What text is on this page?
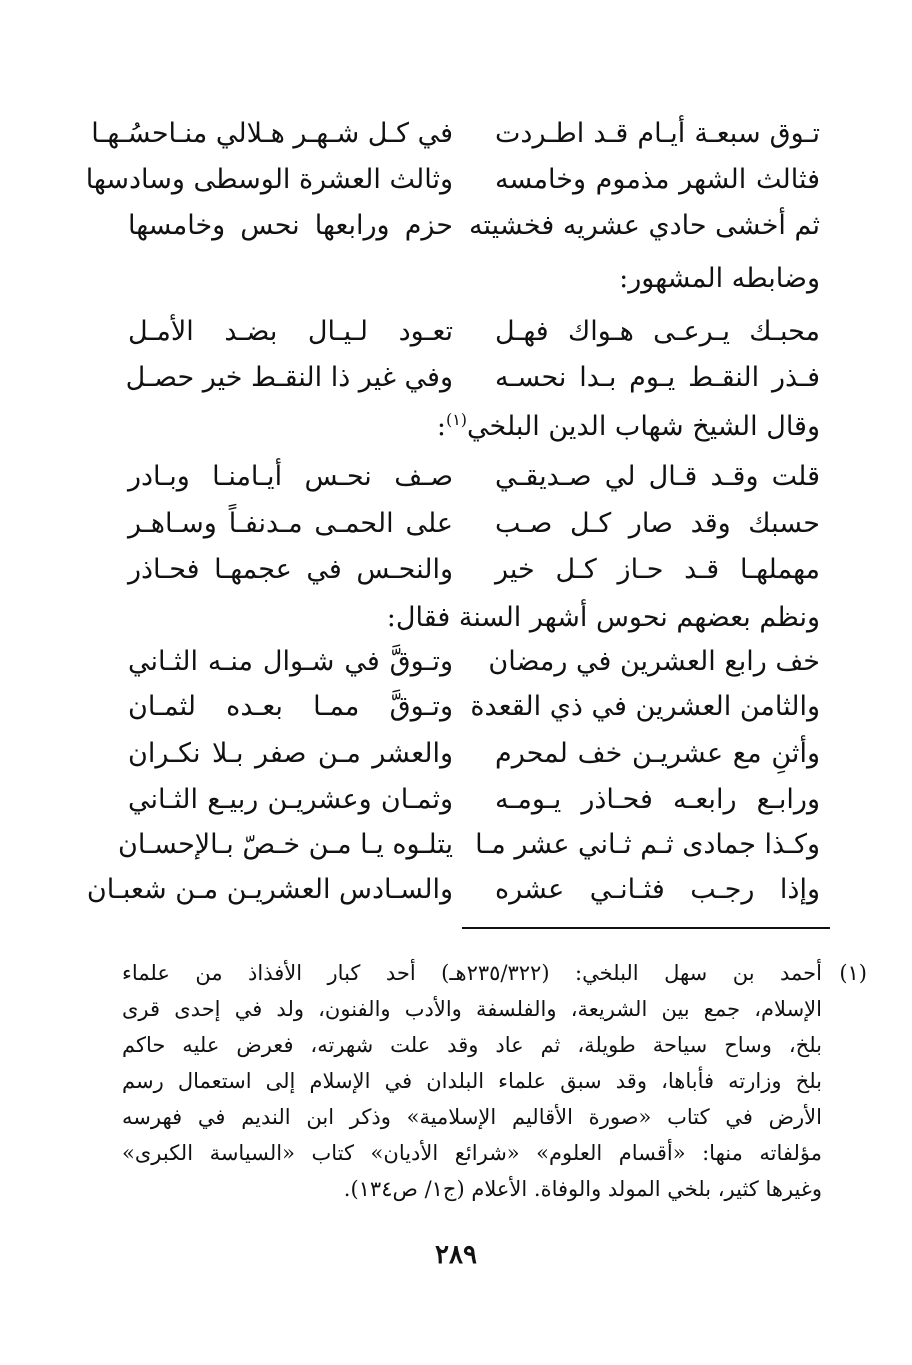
تـوق سبعـة أيـام قـد اطـردت
في كـل شـهـر هـلالي منـاحسُـهـا
فثالث الشهر مذموم وخامسه
وثالث العشرة الوسطى وسادسها
ثم أخشى حادي عشريه فخشيته
حزم ورابعها نحس وخامسها
وضابطه المشهور:
محبـك يـرعـى هـواك فهـل
تعـود لـيـال بضـد الأمـل
فـذر النقـط يـوم بـدا نحسـه
وفي غير ذا النقـط خير حصـل
وقال الشيخ شهاب الدين البلخي$^{(١)}$:
قلت وقـد قـال لي صـديقـي
صـف نحـس أيـامنـا وبـادر
حسبك وقد صار كـل صـب
على الحمـى مـدنفـاً وسـاهـر
مهملهـا قـد حـاز كـل خير
والنحـس في عجمهـا فحـاذر
ونظم بعضهم نحوس أشهر السنة فقال:
خف رابع العشرين في رمضان
وتـوقَّ في شـوال منـه الثـاني
والثامن العشرين في ذي القعدة
وتـوقَّ ممـا بعـده لثمـان
وأثنِ مع عشريـن خف لمحرم
والعشر مـن صفر بـلا نكـران
ورابـع رابعـه فحـاذر يـومـه
وثمـان وعشريـن ربيـع الثـاني
وكـذا جمادى ثـم ثـاني عشر مـا
يتلـوه يـا مـن خـصّ بـالإحسـان
وإذا رجـب فثـانـي عشره
والسـادس العشريـن مـن شعبـان
(١)
أحمد بن سهل البلخي: (٢٣٥/٣٢٢هـ) أحد كبار الأفذاذ من علماء
الإسلام، جمع بين الشريعة، والفلسفة والأدب والفنون، ولد في إحدى قرى
بلخ، وساح سياحة طويلة، ثم عاد وقد علت شهرته، فعرض عليه حاكم
بلخ وزارته فأباها، وقد سبق علماء البلدان في الإسلام إلى استعمال رسم
الأرض في كتاب «صورة الأقاليم الإسلامية» وذكر ابن النديم في فهرسه
مؤلفاته منها: «أقسام العلوم» «شرائع الأديان» كتاب «السياسة الكبرى»
وغيرها كثير، بلخي المولد والوفاة. الأعلام (ج١/ ص١٣٤).
٢٨٩
